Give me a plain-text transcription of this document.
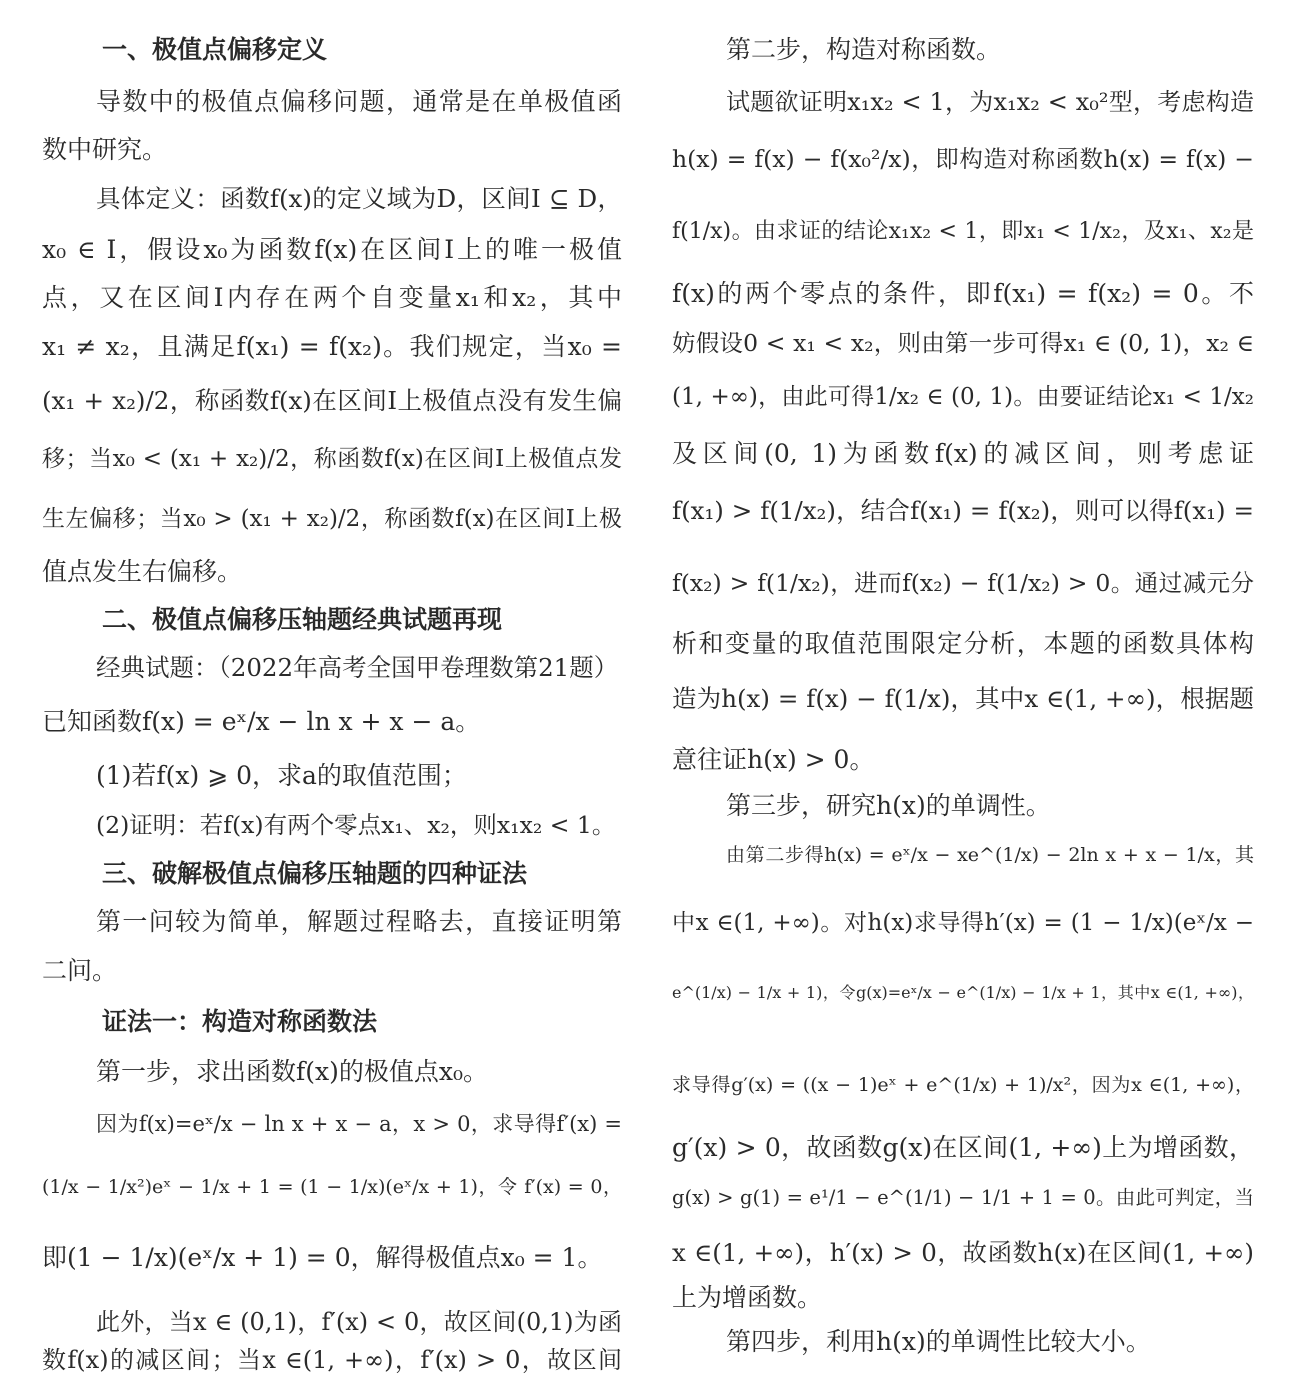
一、极值点偏移定义
导数中的极值点偏移问题，通常是在单极值函
数中研究。
具体定义：函数f(x)的定义域为D，区间I ⊆ D，
x₀ ∈ I，假设x₀为函数f(x)在区间I上的唯一极值
点，又在区间I内存在两个自变量x₁和x₂，其中
x₁ ≠ x₂，且满足f(x₁) = f(x₂)。我们规定，当x₀ =
(x₁ + x₂)/2，称函数f(x)在区间I上极值点没有发生偏
移；当x₀ < (x₁ + x₂)/2，称函数f(x)在区间I上极值点发
生左偏移；当x₀ > (x₁ + x₂)/2，称函数f(x)在区间I上极
值点发生右偏移。
二、极值点偏移压轴题经典试题再现
经典试题：（2022年高考全国甲卷理数第21题）
已知函数f(x) = eˣ/x − ln x + x − a。
(1)若f(x) ⩾ 0，求a的取值范围；
(2)证明：若f(x)有两个零点x₁、x₂，则x₁x₂ < 1。
三、破解极值点偏移压轴题的四种证法
第一问较为简单，解题过程略去，直接证明第
二问。
证法一：构造对称函数法
第一步，求出函数f(x)的极值点x₀。
因为f(x)=eˣ/x − ln x + x − a，x > 0，求导得f′(x) =
(1/x − 1/x²)eˣ − 1/x + 1 = (1 − 1/x)(eˣ/x + 1)，令 f′(x) = 0，
即(1 − 1/x)(eˣ/x + 1) = 0，解得极值点x₀ = 1。
此外，当x ∈ (0,1)，f′(x) < 0，故区间(0,1)为函
数f(x)的减区间；当x ∈(1, +∞)，f′(x) > 0，故区间
第二步，构造对称函数。
试题欲证明x₁x₂ < 1，为x₁x₂ < x₀²型，考虑构造
h(x) = f(x) − f(x₀²/x)，即构造对称函数h(x) = f(x) −
f(1/x)。由求证的结论x₁x₂ < 1，即x₁ < 1/x₂，及x₁、x₂是
f(x)的两个零点的条件，即f(x₁) = f(x₂) = 0。不
妨假设0 < x₁ < x₂，则由第一步可得x₁ ∈ (0, 1)，x₂ ∈
(1, +∞)，由此可得1/x₂ ∈ (0, 1)。由要证结论x₁ < 1/x₂
及区间(0, 1)为函数f(x)的减区间，则考虑证
f(x₁) > f(1/x₂)，结合f(x₁) = f(x₂)，则可以得f(x₁) =
f(x₂) > f(1/x₂)，进而f(x₂) − f(1/x₂) > 0。通过减元分
析和变量的取值范围限定分析，本题的函数具体构
造为h(x) = f(x) − f(1/x)，其中x ∈(1, +∞)，根据题
意往证h(x) > 0。
第三步，研究h(x)的单调性。
由第二步得h(x) = eˣ/x − xe^(1/x) − 2ln x + x − 1/x，其
中x ∈(1, +∞)。对h(x)求导得h′(x) = (1 − 1/x)(eˣ/x −
e^(1/x) − 1/x + 1)，令g(x)=eˣ/x − e^(1/x) − 1/x + 1，其中x ∈(1, +∞)，
求导得g′(x) = ((x − 1)eˣ + e^(1/x) + 1)/x²，因为x ∈(1, +∞)，
g′(x) > 0，故函数g(x)在区间(1, +∞)上为增函数，
g(x) > g(1) = e¹/1 − e^(1/1) − 1/1 + 1 = 0。由此可判定，当
x ∈(1, +∞)，h′(x) > 0，故函数h(x)在区间(1, +∞)
上为增函数。
第四步，利用h(x)的单调性比较大小。
